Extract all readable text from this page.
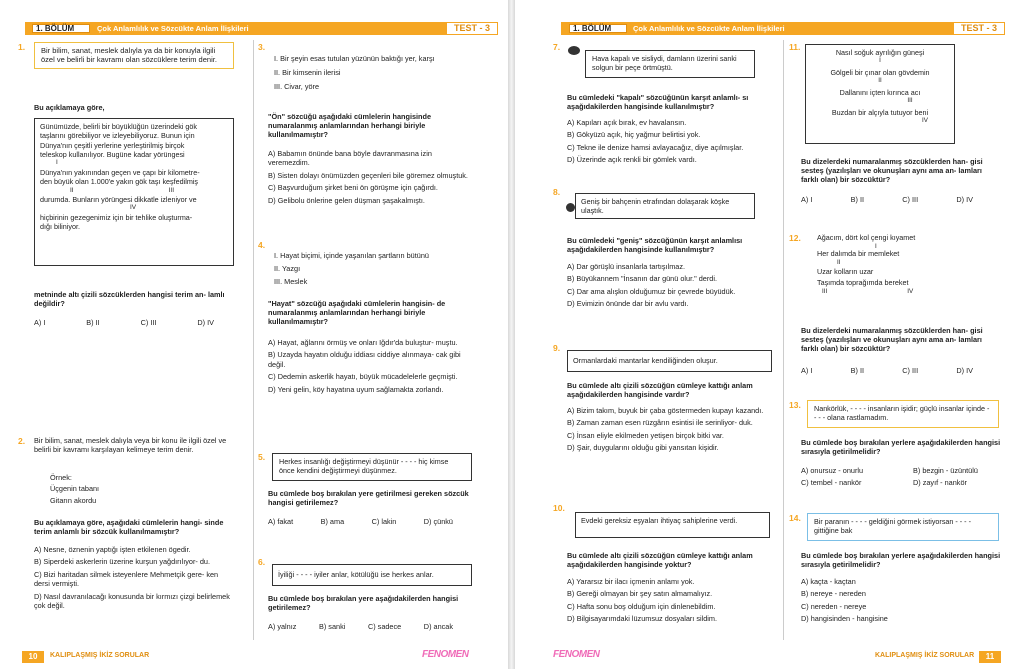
1. BÖLÜM	Çok Anlamlılık ve Sözcükte Anlam İlişkileri	TEST - 3
1.	Bir bilim, sanat, meslek dalıyla ya da bir konuyla ilgili özel ve belirli bir kavramı olan sözcüklere terim denir.
Bu açıklamaya göre,
Günümüzde, belirli bir büyüklüğün üzerindeki gök
taşlarını görebiliyor ve izleyebiliyoruz. Bunun için
Dünya'nın çeşitli yerlerine yerleştirilmiş birçok
teleskop kullanılıyor. Bugüne kadar yörüngesi
I
Dünya'nın yakınından geçen ve çapı bir kilometre-
den büyük olan 1.000'e yakın gök taşı keşfedilmiş
II	III
durumda. Bunların yörüngesi dikkatle izleniyor ve
IV
hiçbirinin gezegenimiz için bir tehlike oluşturma-
dığı biliniyor.
metninde altı çizili sözcüklerden hangisi terim an- lamlı değildir?
A) I	B) II	C) III	D) IV
2. Bir bilim, sanat, meslek dalıyla veya bir konu ile ilgili özel ve belirli bir kavramı karşılayan kelimeye terim denir.
Örnek:
Üçgenin tabanı
Gitarın akordu
Bu açıklamaya göre, aşağıdaki cümlelerin hangi- sinde terim anlamlı bir sözcük kullanılmamıştır?
A) Nesne, öznenin yaptığı işten etkilenen ögedir.
B) Siperdeki askerlerin üzerine kurşun yağdırılıyor- du.
C) Bizi haritadan silmek isteyenlere Mehmetçik gere- ken dersi vermişti.
D) Nasıl davranılacağı konusunda bir kırmızı çizgi belirlemek çok değil.
3.
I. Bir şeyin esas tutulan yüzünün baktığı yer, karşı
II. Bir kimsenin ilerisi
III. Civar, yöre
"Ön" sözcüğü aşağıdaki cümlelerin hangisinde numaralanmış anlamlarından herhangi biriyle kullanılmamıştır?
A) Babamın önünde bana böyle davranmasına izin veremezdim.
B) Sisten dolayı önümüzden geçenleri bile göremez olmuştuk.
C) Başvurduğum şirket beni ön görüşme için çağırdı.
D) Gelibolu önlerine gelen düşman şaşakalmıştı.
4.
I. Hayat biçimi, içinde yaşanılan şartların bütünü
II. Yazgı
III. Meslek
"Hayat" sözcüğü aşağıdaki cümlelerin hangisin- de numaralanmış anlamlarından herhangi biriyle kullanılmamıştır?
A) Hayat, ağlarını örmüş ve onları Iğdır'da buluştur- muştu.
B) Uzayda hayatın olduğu iddiası ciddiye alınmaya- cak gibi değil.
C) Dedemin askerlik hayatı, büyük mücadelelerle geçmişti.
D) Yeni gelin, köy hayatına uyum sağlamakta zorlandı.
5.	Herkes insanlığı değiştirmeyi düşünür - - - - hiç kimse önce kendini değiştirmeyi düşünmez.
Bu cümlede boş bırakılan yere getirilmesi gereken sözcük hangisi getirilemez?
A) fakat	B) ama	C) lakin	D) çünkü
6.
İyiliği - - - - iyiler anlar, kötülüğü ise herkes anlar.
Bu cümlede boş bırakılan yere aşağıdakilerden hangisi getirilemez?
A) yalnız	B) sanki	C) sadece	D) ancak
10	KALIPLAŞMIŞ İKİZ SORULAR	FENOMEN
1. BÖLÜM	Çok Anlamlılık ve Sözcükte Anlam İlişkileri	TEST - 3
7.
Hava kapalı ve sisliydi, damların üzerini sanki solgun bir peçe örtmüştü.
Bu cümledeki "kapalı" sözcüğünün karşıt anlamlı- sı aşağıdakilerden hangisinde kullanılmıştır?
A) Kapıları açık bırak, ev havalansın.
B) Gökyüzü açık, hiç yağmur belirtisi yok.
C) Tekne ile denize hamsi avlayacağız, diye açılmışlar.
D) Üzerinde açık renkli bir gömlek vardı.
8.
Geniş bir bahçenin etrafından dolaşarak köşke ulaştık.
Bu cümledeki "geniş" sözcüğünün karşıt anlamlısı aşağıdakilerden hangisinde kullanılmıştır?
A) Dar görüşlü insanlarla tartışılmaz.
B) Büyükannem "İnsanın dar günü olur." derdi.
C) Dar ama alışkın olduğumuz bir çevrede büyüdük.
D) Evimizin önünde dar bir avlu vardı.
9.
Ormanlardaki mantarlar kendiliğinden oluşur.
Bu cümlede altı çizili sözcüğün cümleye kattığı anlam aşağıdakilerden hangisinde vardır?
A) Bizim takım, buyuk bir çaba göstermeden kupayı kazandı.
B) Zaman zaman esen rüzgârın esintisi ile serinliyor- duk.
C) İnsan eliyle ekilmeden yetişen birçok bitki var.
D) Şair, duygularını olduğu gibi yansıtan kişidir.
10.
Evdeki gereksiz eşyaları ihtiyaç sahiplerine verdi.
Bu cümlede altı çizili sözcüğün cümleye kattığı anlam aşağıdakilerden hangisinde yoktur?
A) Yararsız bir ilacı içmenin anlamı yok.
B) Gereği olmayan bir şey satın almamalıyız.
C) Hafta sonu boş olduğum için dinlenebildim.
D) Bilgisayarımdaki lüzumsuz dosyaları sildim.
11.
Nasıl soğuk ayrılığın güneşi
I
Gölgeli bir çınar olan gövdemin
II
Dallanını içten kırınca acı
III
Buzdan bir alçıyla tutuyor beni
IV
Bu dizelerdeki numaralanmış sözcüklerden han- gisi sesteş (yazılışları ve okunuşları aynı ama an- lamları farklı olan) bir sözcüktür?
A) I	B) II	C) III	D) IV
12. Ağacım, dört kol çengi kıyamet
I
Her dalımda bir memleket
II
Uzar kolların uzar
Taşımda toprağımda bereket
III	IV
Bu dizelerdeki numaralanmış sözcüklerden han- gisi sesteş (yazılışları ve okunuşları aynı ama an- lamları farklı olan) bir sözcüktür?
A) I	B) II	C) III	D) IV
13.	Nankörlük, - - - - insanların işidir; güçlü insanlar içinde - - - - olana rastlamadım.
Bu cümlede boş bırakılan yerlere aşağıdakilerden hangisi sırasıyla getirilmelidir?
A) onursuz - onurlu	B) bezgin - üzüntülü
C) tembel - nankör	D) zayıf - nankör
14.	Bir paranın - - - - geldiğini görmek istiyorsan - - - - gittiğine bak
Bu cümlede boş bırakılan yerlere aşağıdakilerden hangisi sırasıyla getirilmelidir?
A) kaçta - kaçtan
B) nereye - nereden
C) nereden - nereye
D) hangisinden - hangisine
FENOMEN	KALIPLAŞMIŞ İKİZ SORULAR	11
